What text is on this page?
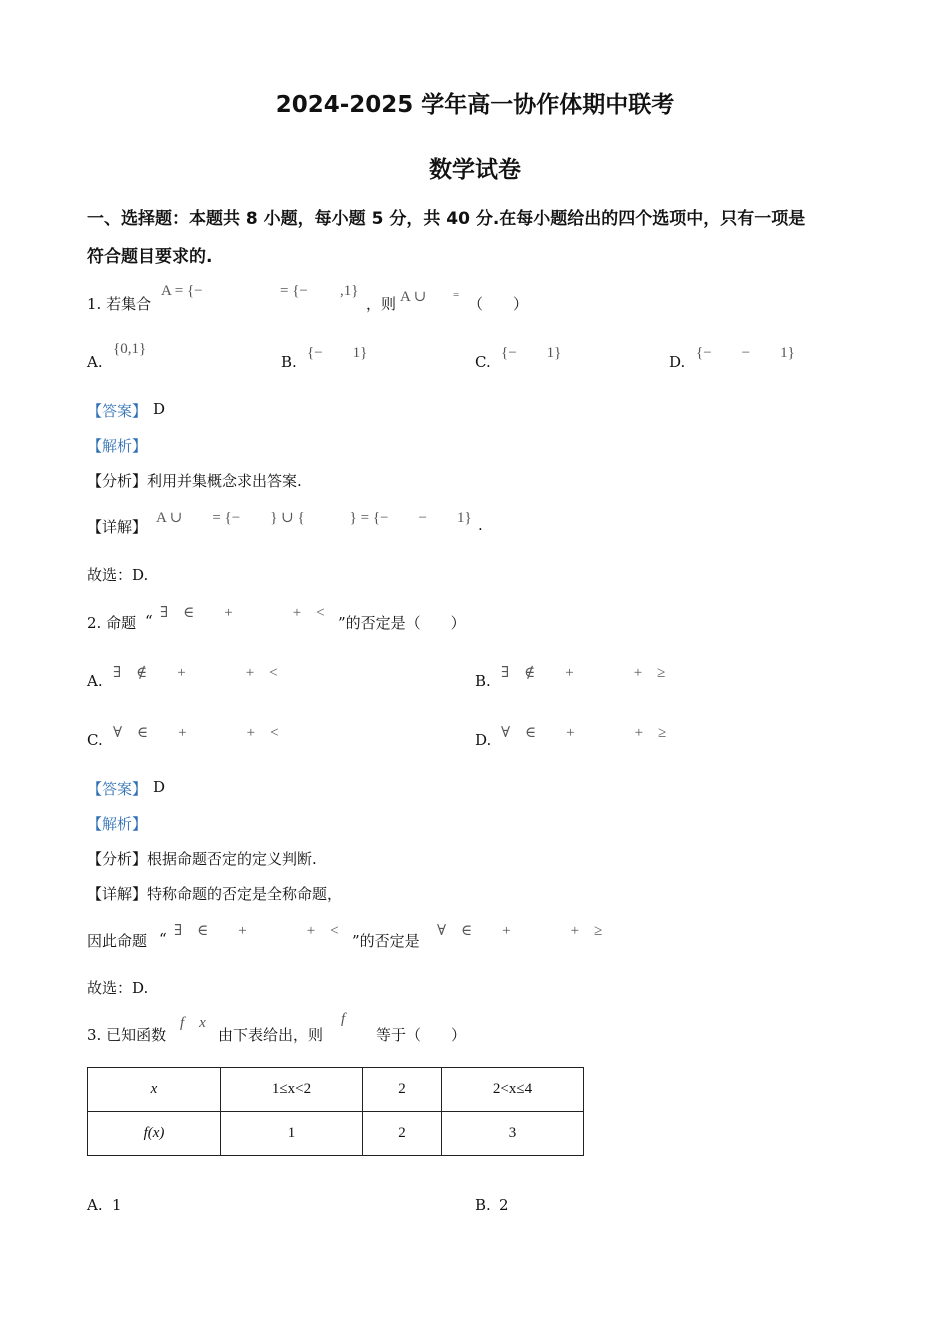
2024-2025 学年高一协作体期中联考
数学试卷
一、选择题：本题共 8 小题，每小题 5 分，共 40 分.在每小题给出的四个选项中，只有一项是
符合题目要求的.
1. 若集合
A = {−	= {− ,1}
，则 A ∪ = （　　）
A.
{0,1}
B. {−　　1}	C. {−　　1}	D. {−　　−　　1}
【答案】 D
【解析】
【分析】利用并集概念求出答案.
【详解】 A ∪　　= {−　　} ∪ {　　　} = {−　　−　　1} .
故选：D.
2. 命题 “ ∃　∈　　+　　　　+　<
”的否定是（　　）
A. ∃　∉　　+　　　　+　<	B. ∃　∉　　+　　　　+　≥
C. ∀　∈　　+　　　　+　<	D. ∀　∈　　+　　　　+　≥
【答案】 D
【解析】
【分析】根据命题否定的定义判断.
【详解】特称命题的否定是全称命题，
因此命题 “ ∃　∈　　+　　　　+　<
”的否定是
∀　∈　　+　　　　+　≥
故选：D.
3. 已知函数
f　x
由下表给出，则
f
等于（　　）
x	1≤x<2	2	2<x≤4
f(x)	1	2	3
A. 1	B. 2
